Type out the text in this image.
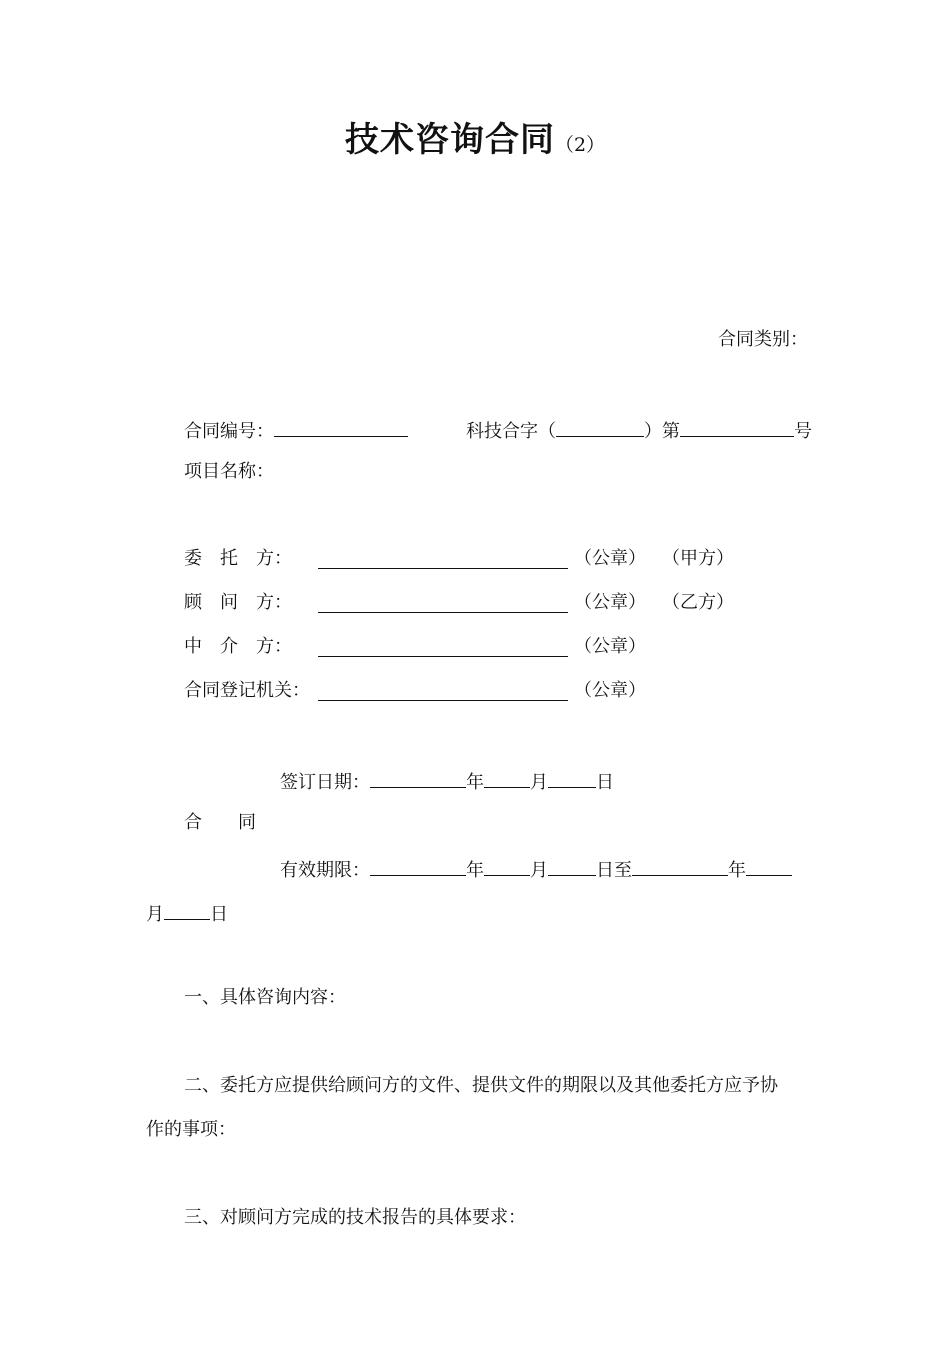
技术咨询合同（2）
合同类别：
合同编号：	科技合字（	）第	号
项目名称：
委　托　方：	（公章） （甲方）
顾　问　方：	（公章） （乙方）
中　介　方：	（公章）
合同登记机关：	（公章）
签订日期：	年	月	日
合　　同
有效期限：	年	月	日至	年
月	日
一、具体咨询内容：
二、委托方应提供给顾问方的文件、提供文件的期限以及其他委托方应予协
作的事项：
三、对顾问方完成的技术报告的具体要求：
